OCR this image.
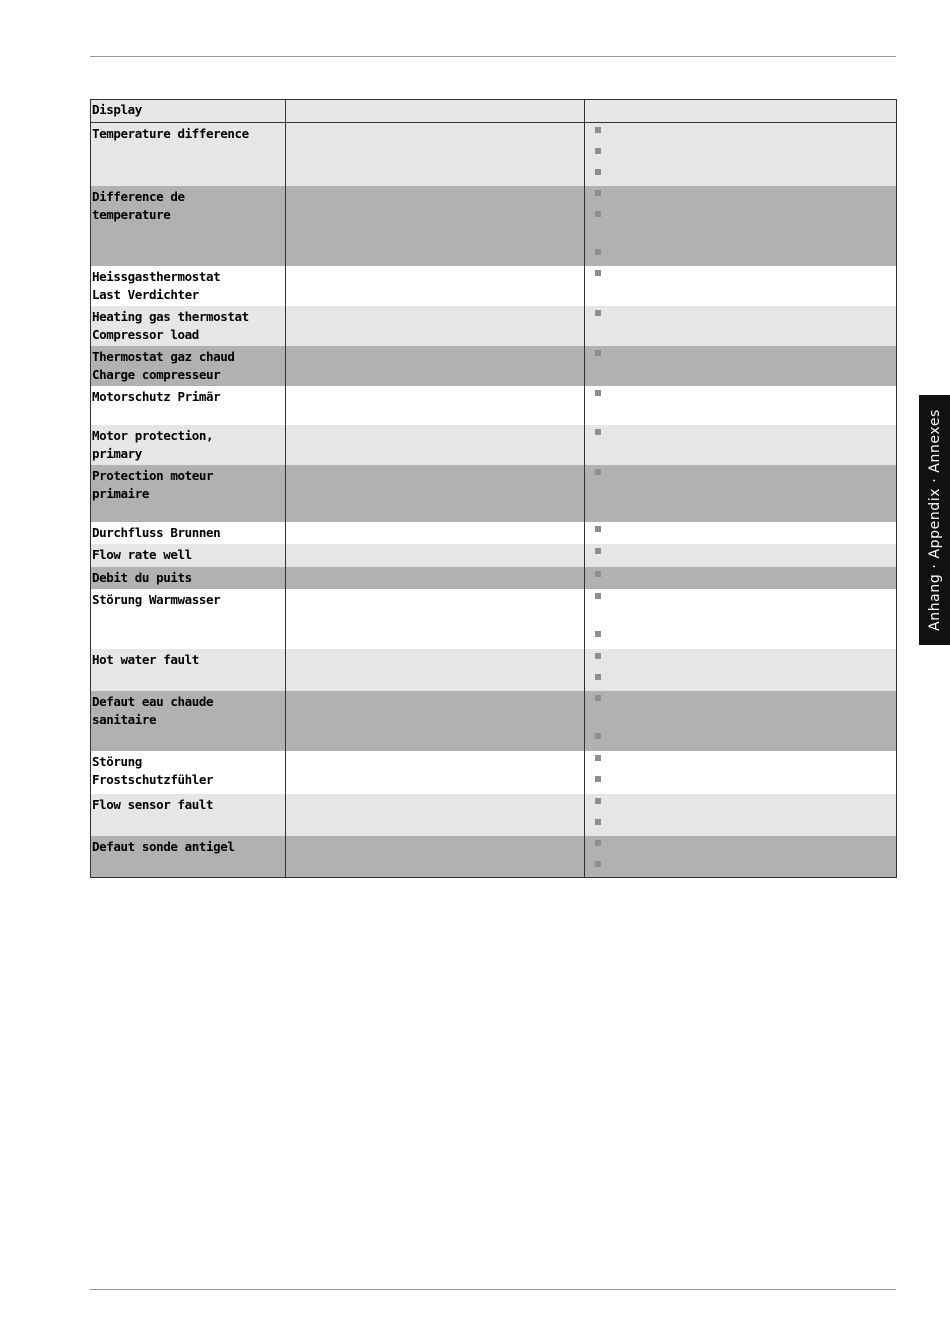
Anhang · Appendix · Annexes
Display		

Temperature difference		

Difference de
temperature		

Heissgasthermostat
Last Verdichter		

Heating gas thermostat
Compressor load		

Thermostat gaz chaud
Charge compresseur		

Motorschutz Primär		

Motor protection,
primary		

Protection moteur
primaire		

Durchfluss Brunnen		

Flow rate well		

Debit du puits		

Störung Warmwasser		

Hot water fault		

Defaut eau chaude
sanitaire		

Störung
Frostschutzfühler		

Flow sensor fault		

Defaut sonde antigel		
